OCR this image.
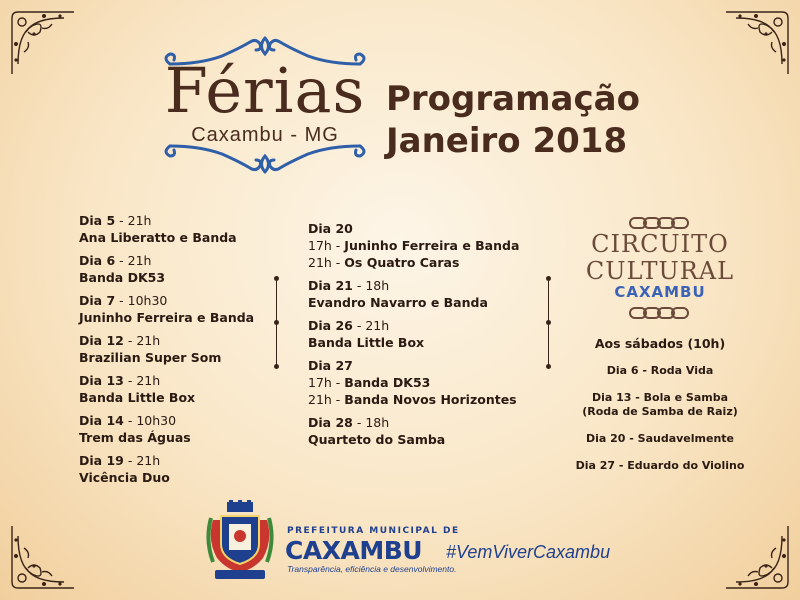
Férias
Caxambu - MG
Programação
Janeiro 2018
Dia 5 - 21h
Ana Liberatto e Banda
Dia 6 - 21h
Banda DK53
Dia 7 - 10h30
Juninho Ferreira e Banda
Dia 12 - 21h
Brazilian Super Som
Dia 13 - 21h
Banda Little Box
Dia 14 - 10h30
Trem das Águas
Dia 19 - 21h
Vicência Duo
Dia 20
17h - Juninho Ferreira e Banda
21h - Os Quatro Caras
Dia 21 - 18h
Evandro Navarro e Banda
Dia 26 - 21h
Banda Little Box
Dia 27
17h - Banda DK53
21h - Banda Novos Horizontes
Dia 28 - 18h
Quarteto do Samba
CIRCUITO
CULTURAL
CAXAMBU
Aos sábados (10h)
Dia 6 - Roda Vida
Dia 13 - Bola e Samba
(Roda de Samba de Raiz)
Dia 20 - Saudavelmente
Dia 27 - Eduardo do Violino
PREFEITURA MUNICIPAL DE
CAXAMBU
Transparência, eficiência e desenvolvimento.
#VemViverCaxambu
